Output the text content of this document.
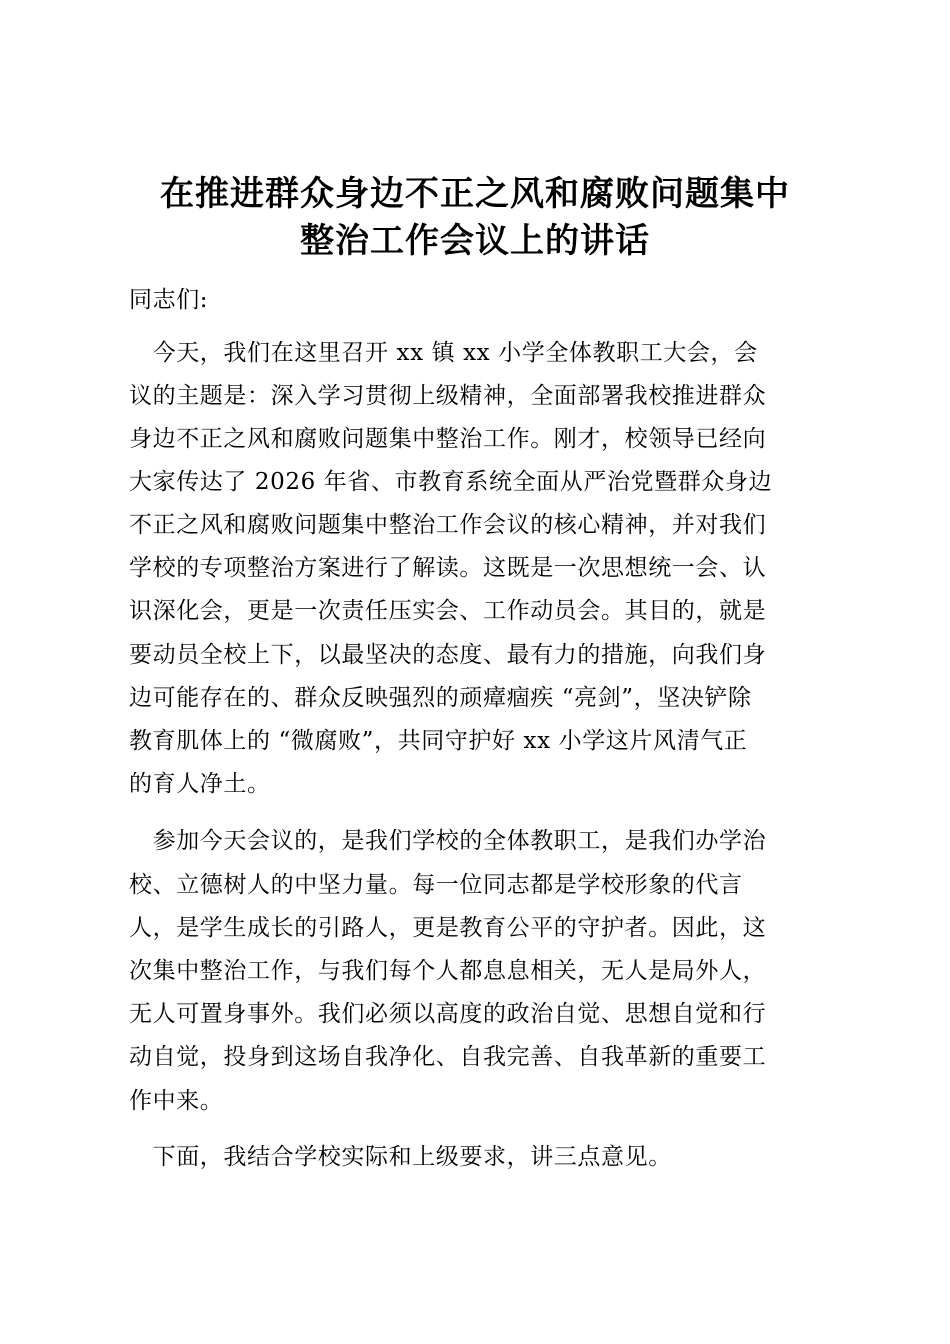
在推进群众身边不正之风和腐败问题集中
整治工作会议上的讲话
同志们:
　今天，我们在这里召开 xx 镇 xx 小学全体教职工大会，会
议的主题是：深入学习贯彻上级精神，全面部署我校推进群众
身边不正之风和腐败问题集中整治工作。刚才，校领导已经向
大家传达了 2026 年省、市教育系统全面从严治党暨群众身边
不正之风和腐败问题集中整治工作会议的核心精神，并对我们
学校的专项整治方案进行了解读。这既是一次思想统一会、认
识深化会，更是一次责任压实会、工作动员会。其目的，就是
要动员全校上下，以最坚决的态度、最有力的措施，向我们身
边可能存在的、群众反映强烈的顽瘴痼疾 “亮剑”，坚决铲除
教育肌体上的 “微腐败”，共同守护好 xx 小学这片风清气正
的育人净土。
　参加今天会议的，是我们学校的全体教职工，是我们办学治
校、立德树人的中坚力量。每一位同志都是学校形象的代言
人，是学生成长的引路人，更是教育公平的守护者。因此，这
次集中整治工作，与我们每个人都息息相关，无人是局外人，
无人可置身事外。我们必须以高度的政治自觉、思想自觉和行
动自觉，投身到这场自我净化、自我完善、自我革新的重要工
作中来。
　下面，我结合学校实际和上级要求，讲三点意见。
